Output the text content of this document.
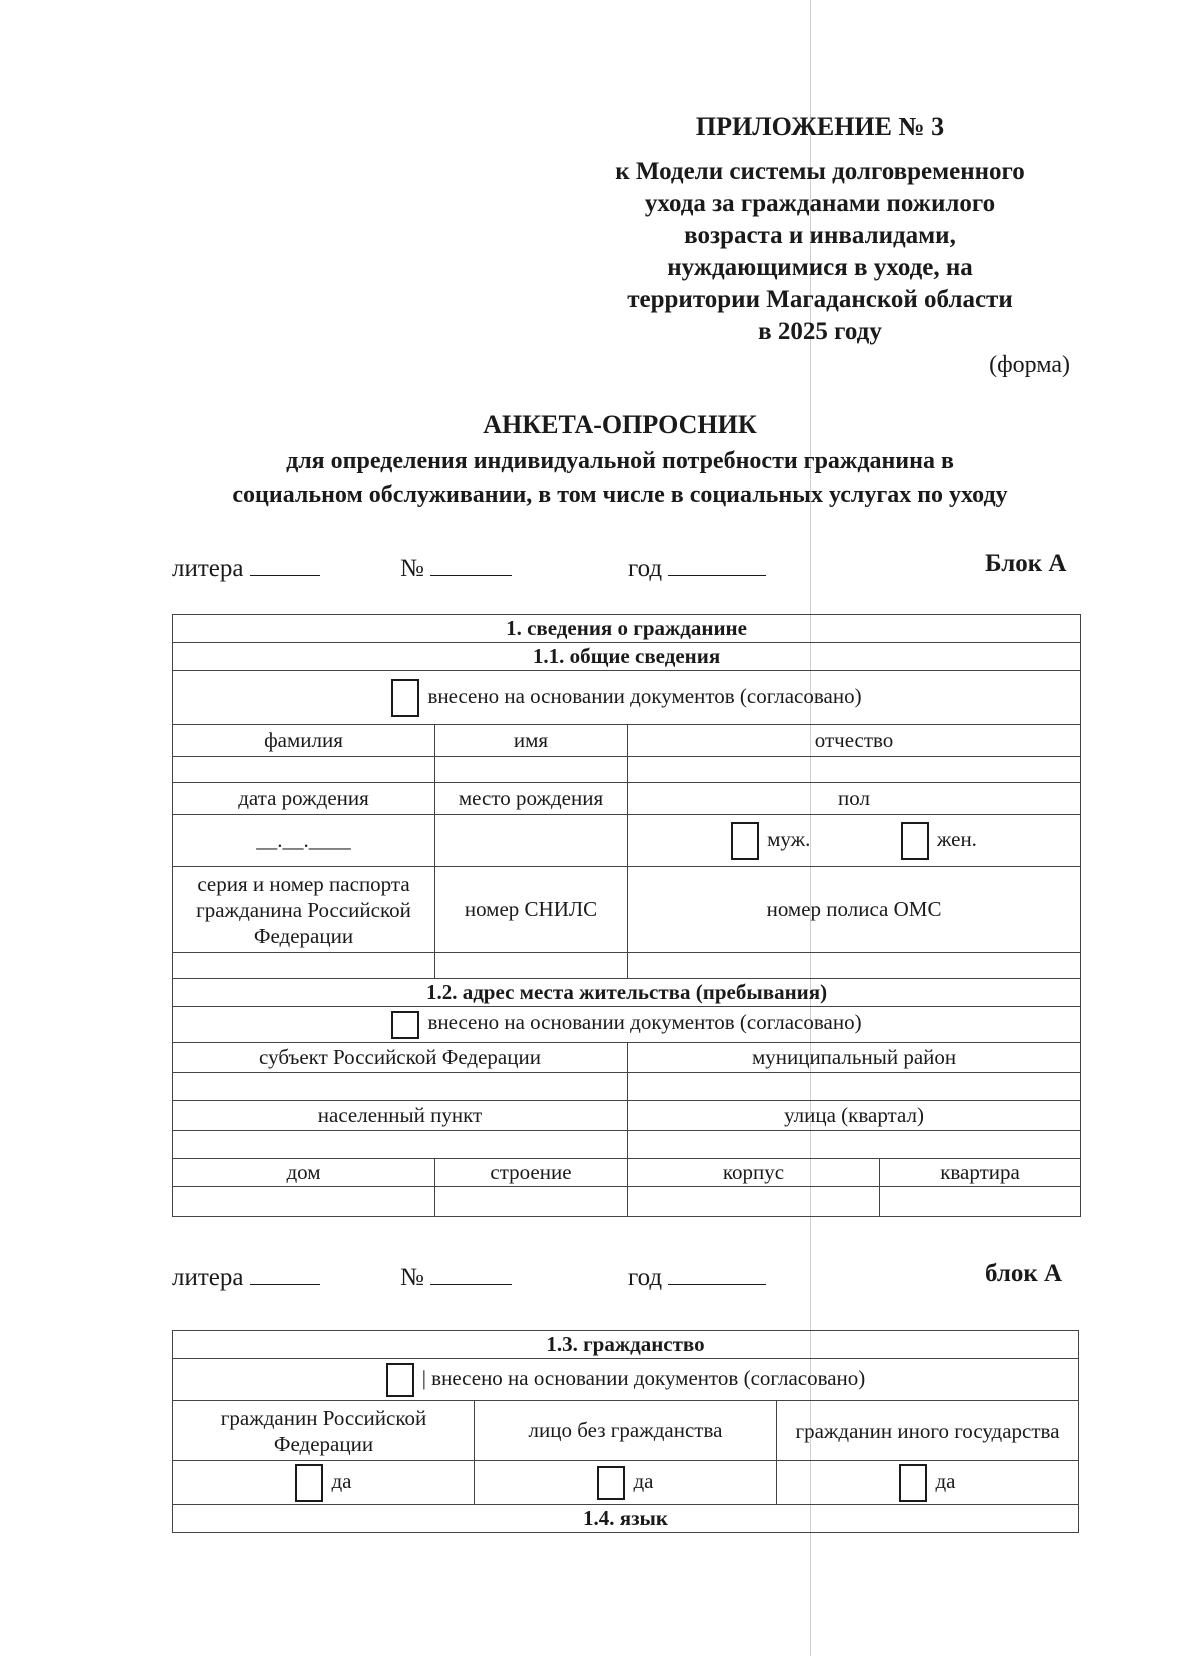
ПРИЛОЖЕНИЕ № 3
к Модели системы долговременного
ухода за гражданами пожилого
возраста и инвалидами,
нуждающимися в уходе, на
территории Магаданской области
в 2025 году
(форма)
АНКЕТА-ОПРОСНИК
для определения индивидуальной потребности гражданина в
социальном обслуживании, в том числе в социальных услугах по уходу
литера	№	год	Блок А
1. сведения о гражданине			
1.1. общие сведения			
внесено на основании документов (согласовано)			
фамилия	имя	отчество	

дата рождения	место рождения	пол	
__.__.____		муж. жен.	
серия и номер паспорта гражданина Российской Федерации	номер СНИЛС	номер полиса ОМС	

1.2. адрес места жительства (пребывания)			
внесено на основании документов (согласовано)			
субъект Российской Федерации		муниципальный район	

населенный пункт		улица (квартал)	

дом	строение	корпус	квартира

литера	№	год	блок А
1.3. гражданство		
| внесено на основании документов (согласовано)		
гражданин Российской Федерации	лицо без гражданства	гражданин иного государства
да	да	да
1.4. язык		
